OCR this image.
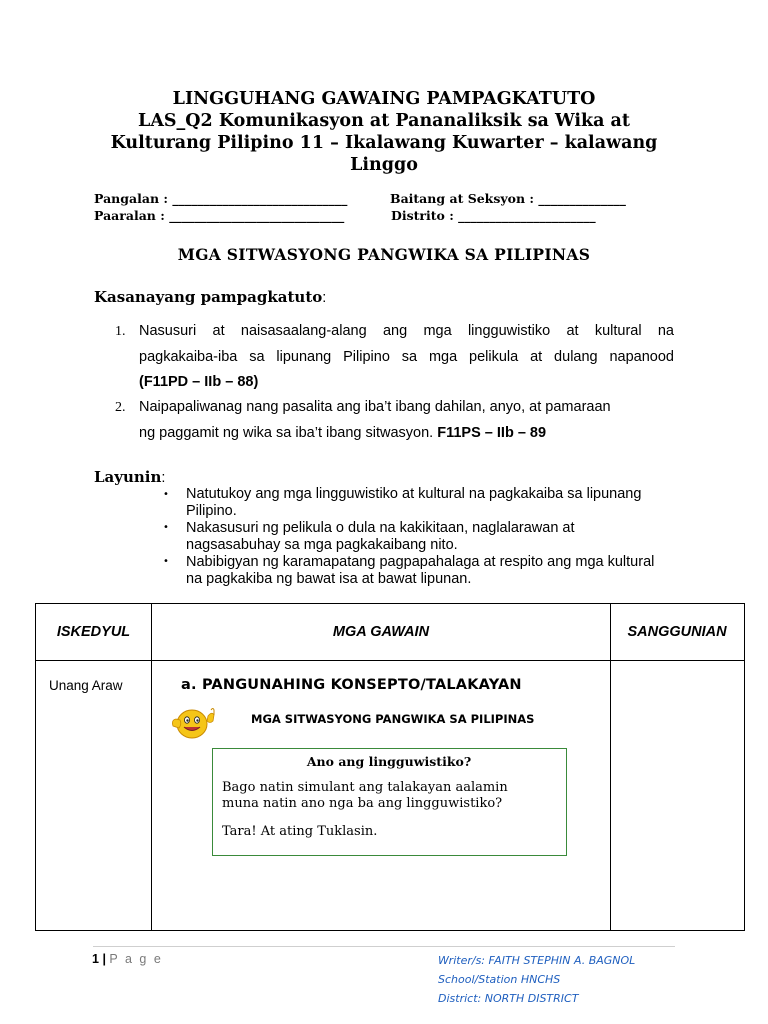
LINGGUHANG GAWAING PAMPAGKATUTO
LAS_Q2 Komunikasyon at Pananaliksik sa Wika at
Kulturang Pilipino 11 – Ikalawang Kuwarter – kalawang
Linggo
Pangalan : ____________________________	Baitang at Seksyon : ______________
Paaralan : ____________________________	Distrito : ______________________
MGA SITWASYONG PANGWIKA SA PILIPINAS
Kasanayang pampagkatuto:
1. Nasusuri at naisasaalang-alang ang mga lingguwistiko at kultural na
pagkakaiba-iba sa lipunang Pilipino sa mga pelikula at dulang napanood
(F11PD – IIb – 88)
2. Naipapaliwanag nang pasalita ang iba’t ibang dahilan, anyo, at pamaraan
ng paggamit ng wika sa iba’t ibang sitwasyon. F11PS – IIb – 89
Layunin:
• Natutukoy ang mga lingguwistiko at kultural na pagkakaiba sa lipunang Pilipino.
• Nakasusuri ng pelikula o dula na kakikitaan, naglalarawan at nagsasabuhay sa mga pagkakaibang nito.
• Nabibigyan ng karamapatang pagpapahalaga at respito ang mga kultural na pagkakiba ng bawat isa at bawat lipunan.
ISKEDYUL	MGA GAWAIN	SANGGUNIAN
Unang Araw	a. PANGUNAHING KONSEPTO/TALAKAYAN
MGA SITWASYONG PANGWIKA SA PILIPINAS
Ano ang lingguwistiko?
Bago natin simulant ang talakayan aalamin muna natin ano nga ba ang lingguwistiko?
Tara! At ating Tuklasin.
1 | P a g e	Writer/s: FAITH STEPHIN A. BAGNOL
School/Station HNCHS
District: NORTH DISTRICT
